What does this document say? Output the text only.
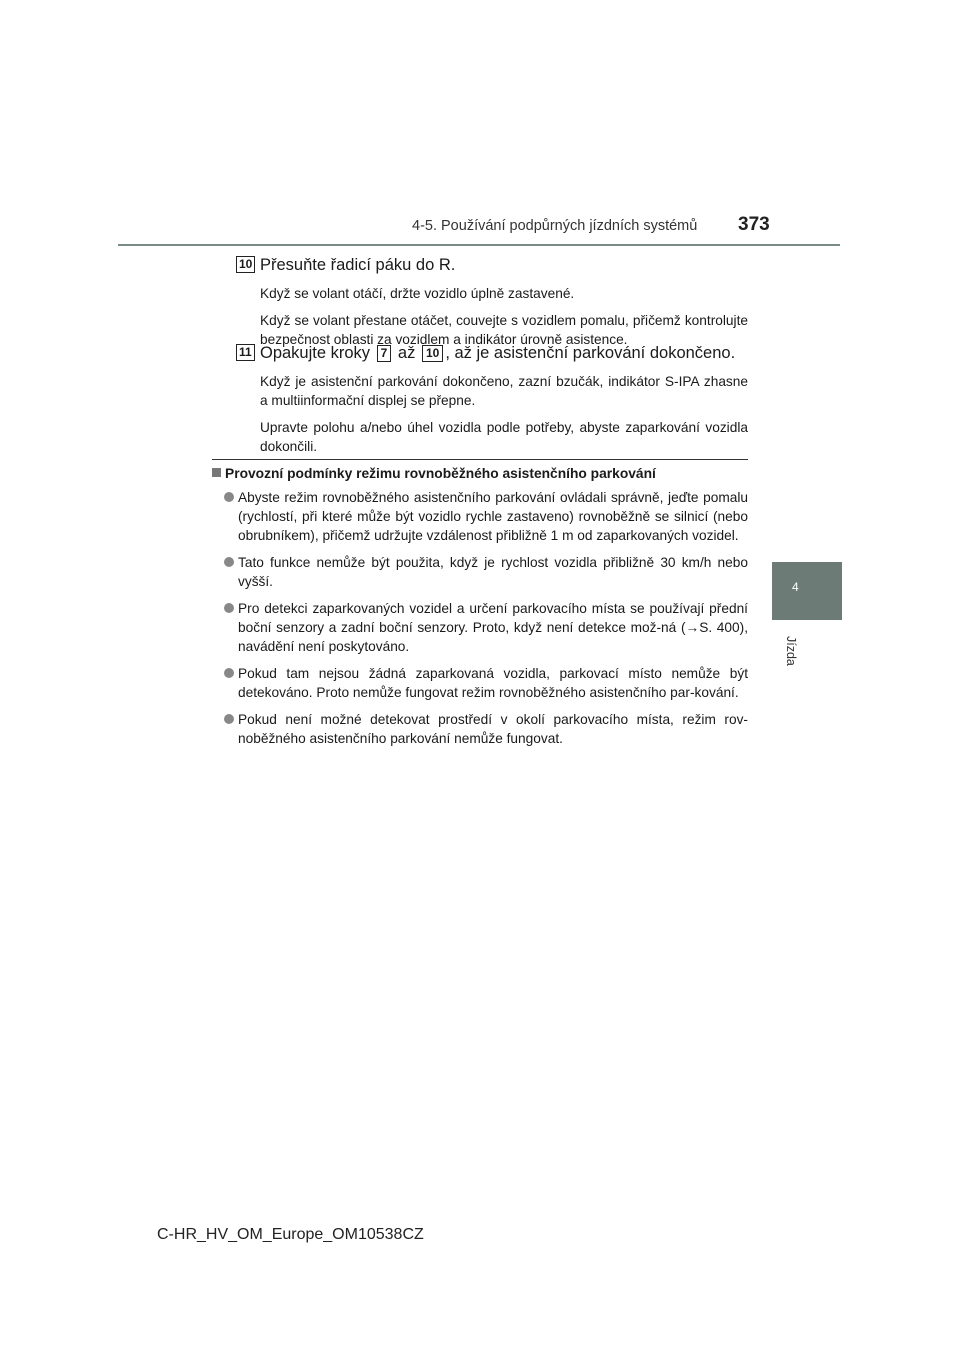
4-5. Používání podpůrných jízdních systémů 373
4
Jízda
10 Přesuňte řadicí páku do R.
Když se volant otáčí, držte vozidlo úplně zastavené.
Když se volant přestane otáčet, couvejte s vozidlem pomalu, přičemž kontrolujte bezpečnost oblasti za vozidlem a indikátor úrovně asistence.
11 Opakujte kroky 7 až 10 , až je asistenční parkování dokončeno.
Když je asistenční parkování dokončeno, zazní bzučák, indikátor S-IPA zhasne a multiinformační displej se přepne.
Upravte polohu a/nebo úhel vozidla podle potřeby, abyste zaparkování vozidla dokončili.
Provozní podmínky režimu rovnoběžného asistenčního parkování
Abyste režim rovnoběžného asistenčního parkování ovládali správně, jeďte pomalu (rychlostí, při které může být vozidlo rychle zastaveno) rovnoběžně se silnicí (nebo obrubníkem), přičemž udržujte vzdálenost přibližně 1 m od zaparkovaných vozidel.
Tato funkce nemůže být použita, když je rychlost vozidla přibližně 30 km/h nebo vyšší.
Pro detekci zaparkovaných vozidel a určení parkovacího místa se používají přední boční senzory a zadní boční senzory. Proto, když není detekce mož-ná (→S. 400), navádění není poskytováno.
Pokud tam nejsou žádná zaparkovaná vozidla, parkovací místo nemůže být detekováno. Proto nemůže fungovat režim rovnoběžného asistenčního par-kování.
Pokud není možné detekovat prostředí v okolí parkovacího místa, režim rov-noběžného asistenčního parkování nemůže fungovat.
C-HR_HV_OM_Europe_OM10538CZ
